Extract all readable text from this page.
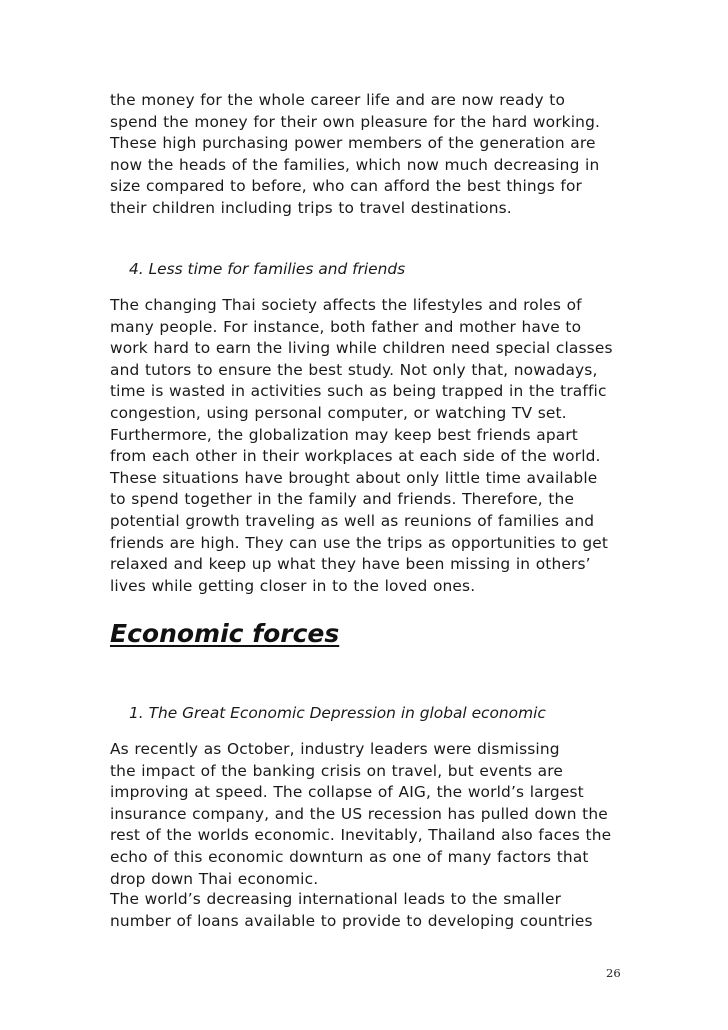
the money for the whole career life and are now ready to
spend the money for their own pleasure for the hard working.
These high purchasing power members of the generation are
now the heads of the families, which now much decreasing in
size compared to before, who can afford the best things for
their children including trips to travel destinations.
4. Less time for families and friends
The changing Thai society affects the lifestyles and roles of
many people. For instance, both father and mother have to
work hard to earn the living while children need special classes
and tutors to ensure the best study. Not only that, nowadays,
time is wasted in activities such as being trapped in the traffic
congestion, using personal computer, or watching TV set.
Furthermore, the globalization may keep best friends apart
from each other in their workplaces at each side of the world.
These situations have brought about only little time available
to spend together in the family and friends. Therefore, the
potential growth traveling as well as reunions of families and
friends are high. They can use the trips as opportunities to get
relaxed and keep up what they have been missing in others’
lives while getting closer in to the loved ones.
Economic forces
1. The Great Economic Depression in global economic
As recently as October, industry leaders were dismissing
the impact of the banking crisis on travel, but events are
improving at speed. The collapse of AIG, the world’s largest
insurance company, and the US recession has pulled down the
rest of the worlds economic. Inevitably, Thailand also faces the
echo of this economic downturn as one of many factors that
drop down Thai economic.
The world’s decreasing international leads to the smaller
number of loans available to provide to developing countries
26
